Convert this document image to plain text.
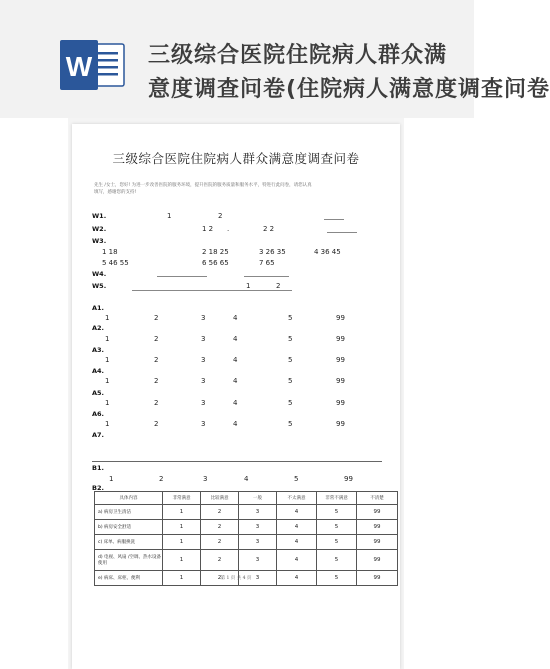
W	三级综合医院住院病人群众满
意度调查问卷(住院病人满意度调查问卷
三级综合医院住院病人群众满意度调查问卷
先生 /女士，您好! 为进一步改善医院的服务环境，提升医院的服务质量和服务水平，特进行此问卷，请您认真填写，感谢您的支持!
W1.	1	2
W2.	1 2 .	2 2
W3.
1 18	2 18 25	3 26 35	4 36 45
5 46 55	6 56 65	7 65
W4.
W5.	1	2
A1.
1	2	3	4	5	99
A2.
1	2	3	4	5	99
A3.
1	2	3	4	5	99
A4.
1	2	3	4	5	99
A5.
1	2	3	4	5	99
A6.
1	2	3	4	5	99
A7.
B1.
1	2	3	4	5	99
B2.
具体内容	非常满意	比较满意	一般	不太满意	非常不满意	不清楚
a) 病房卫生清洁	1	2	3	4	5	99
b) 病房安全舒适	1	2	3	4	5	99
c) 床单、病服换洗	1	2	3	4	5	99
d) 电视、风扇 /空调、热水设备使用	1	2	3	4	5	99
e) 病床、床柜、便利	1	2	3	4	5	99
第 1 页 共 4 页
